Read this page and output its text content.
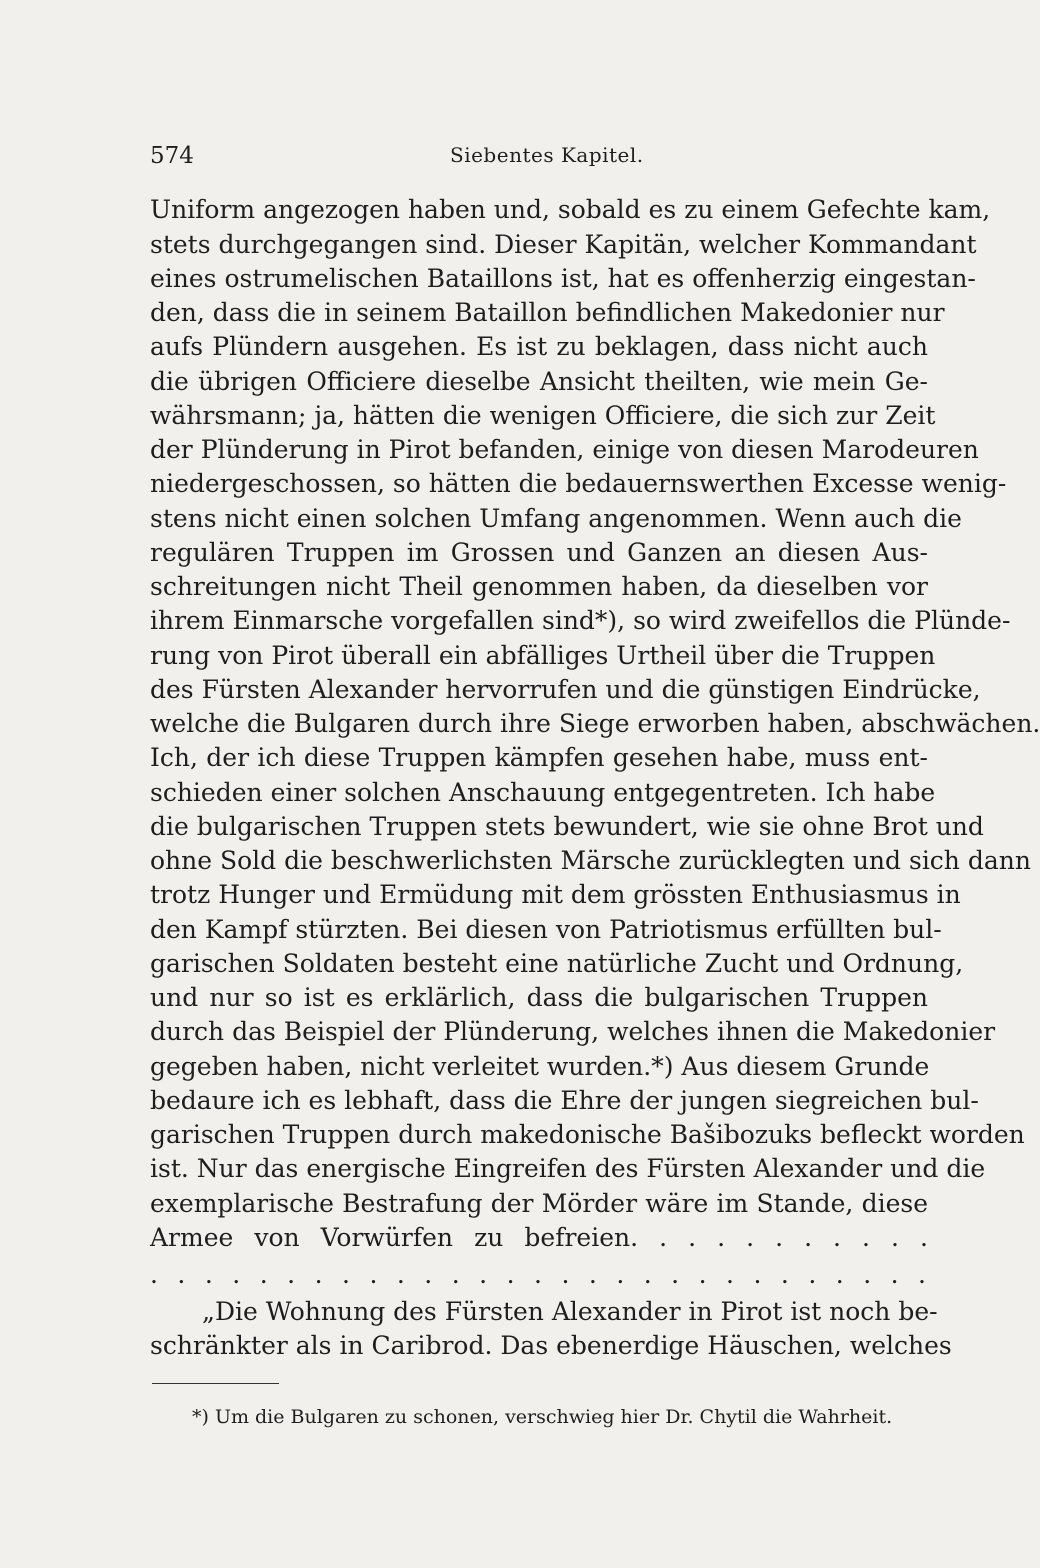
574	Siebentes Kapitel.
Uniform angezogen haben und, sobald es zu einem Gefechte kam,
stets durchgegangen sind. Dieser Kapitän, welcher Kommandant
eines ostrumelischen Bataillons ist, hat es offenherzig eingestan-
den, dass die in seinem Bataillon befindlichen Makedonier nur
aufs Plündern ausgehen. Es ist zu beklagen, dass nicht auch
die übrigen Officiere dieselbe Ansicht theilten, wie mein Ge-
währsmann; ja, hätten die wenigen Officiere, die sich zur Zeit
der Plünderung in Pirot befanden, einige von diesen Marodeuren
niedergeschossen, so hätten die bedauernswerthen Excesse wenig-
stens nicht einen solchen Umfang angenommen. Wenn auch die
regulären Truppen im Grossen und Ganzen an diesen Aus-
schreitungen nicht Theil genommen haben, da dieselben vor
ihrem Einmarsche vorgefallen sind*), so wird zweifellos die Plünde-
rung von Pirot überall ein abfälliges Urtheil über die Truppen
des Fürsten Alexander hervorrufen und die günstigen Eindrücke,
welche die Bulgaren durch ihre Siege erworben haben, abschwächen.
Ich, der ich diese Truppen kämpfen gesehen habe, muss ent-
schieden einer solchen Anschauung entgegentreten. Ich habe
die bulgarischen Truppen stets bewundert, wie sie ohne Brot und
ohne Sold die beschwerlichsten Märsche zurücklegten und sich dann
trotz Hunger und Ermüdung mit dem grössten Enthusiasmus in
den Kampf stürzten. Bei diesen von Patriotismus erfüllten bul-
garischen Soldaten besteht eine natürliche Zucht und Ordnung,
und nur so ist es erklärlich, dass die bulgarischen Truppen
durch das Beispiel der Plünderung, welches ihnen die Makedonier
gegeben haben, nicht verleitet wurden.*) Aus diesem Grunde
bedaure ich es lebhaft, dass die Ehre der jungen siegreichen bul-
garischen Truppen durch makedonische Bašibozuks befleckt worden
ist. Nur das energische Eingreifen des Fürsten Alexander und die
exemplarische Bestrafung der Mörder wäre im Stande, diese
Armee von Vorwürfen zu befreien. . . . . . . . . . .
. . . . . . . . . . . . . . . . . . . . . . . . . . . . .
„Die Wohnung des Fürsten Alexander in Pirot ist noch be-
schränkter als in Caribrod. Das ebenerdige Häuschen, welches
*) Um die Bulgaren zu schonen, verschwieg hier Dr. Chytil die Wahrheit.
